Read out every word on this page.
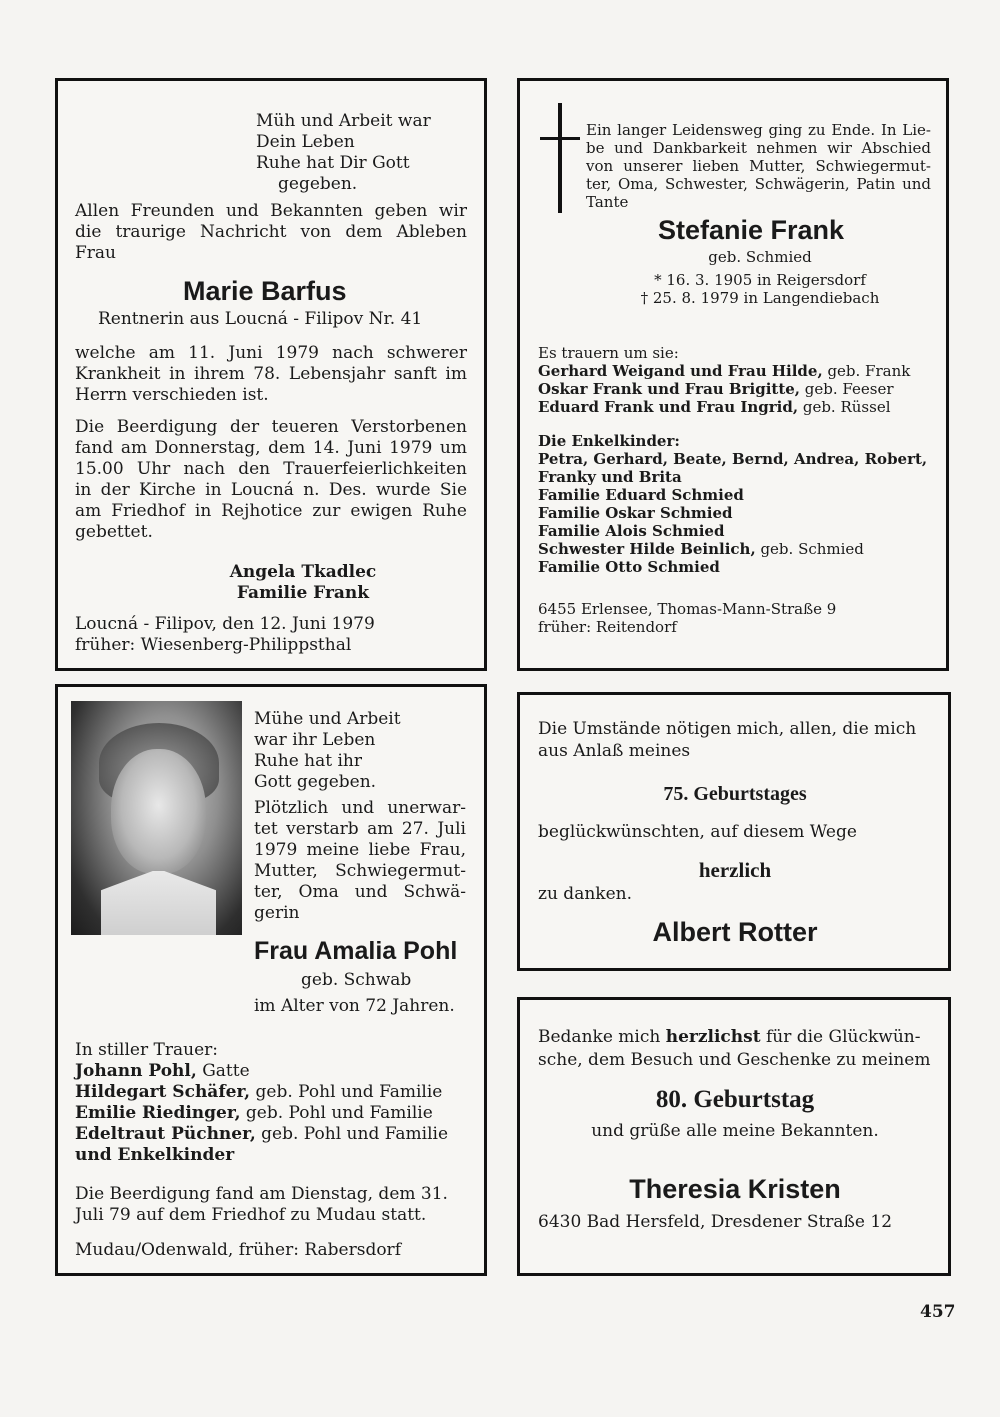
Müh und Arbeit war
Dein Leben
Ruhe hat Dir Gott
gegeben.
Allen Freunden und Bekannten geben wir
die traurige Nachricht von dem Ableben
Frau
Marie Barfus
Rentnerin aus Loucná - Filipov Nr. 41
welche am 11. Juni 1979 nach schwerer
Krankheit in ihrem 78. Lebensjahr sanft im
Herrn verschieden ist.
Die Beerdigung der teueren Verstorbenen
fand am Donnerstag, dem 14. Juni 1979 um
15.00 Uhr nach den Trauerfeierlichkeiten
in der Kirche in Loucná n. Des. wurde Sie
am Friedhof in Rejhotice zur ewigen Ruhe
gebettet.
Angela Tkadlec
Familie Frank
Loucná - Filipov, den 12. Juni 1979
früher: Wiesenberg-Philippsthal
Ein langer Leidensweg ging zu Ende. In Lie-
be und Dankbarkeit nehmen wir Abschied
von unserer lieben Mutter, Schwiegermut-
ter, Oma, Schwester, Schwägerin, Patin und
Tante
Stefanie Frank
geb. Schmied
* 16. 3. 1905 in Reigersdorf
† 25. 8. 1979 in Langendiebach
Es trauern um sie:
Gerhard Weigand und Frau Hilde, geb. Frank
Oskar Frank und Frau Brigitte, geb. Feeser
Eduard Frank und Frau Ingrid, geb. Rüssel
Die Enkelkinder:
Petra, Gerhard, Beate, Bernd, Andrea, Robert,
Franky und Brita
Familie Eduard Schmied
Familie Oskar Schmied
Familie Alois Schmied
Schwester Hilde Beinlich, geb. Schmied
Familie Otto Schmied
6455 Erlensee, Thomas-Mann-Straße 9
früher: Reitendorf
Mühe und Arbeit
war ihr Leben
Ruhe hat ihr
Gott gegeben.
Plötzlich und unerwar-
tet verstarb am 27. Juli
1979 meine liebe Frau,
Mutter, Schwiegermut-
ter, Oma und Schwä-
gerin
Frau Amalia Pohl
geb. Schwab
im Alter von 72 Jahren.
In stiller Trauer:
Johann Pohl, Gatte
Hildegart Schäfer, geb. Pohl und Familie
Emilie Riedinger, geb. Pohl und Familie
Edeltraut Püchner, geb. Pohl und Familie
und Enkelkinder
Die Beerdigung fand am Dienstag, dem 31.
Juli 79 auf dem Friedhof zu Mudau statt.
Mudau/Odenwald, früher: Rabersdorf
Die Umstände nötigen mich, allen, die mich
aus Anlaß meines
75. Geburtstages
beglückwünschten, auf diesem Wege
herzlich
zu danken.
Albert Rotter
Bedanke mich herzlichst für die Glückwün-
sche, dem Besuch und Geschenke zu meinem
80. Geburtstag
und grüße alle meine Bekannten.
Theresia Kristen
6430 Bad Hersfeld, Dresdener Straße 12
457
